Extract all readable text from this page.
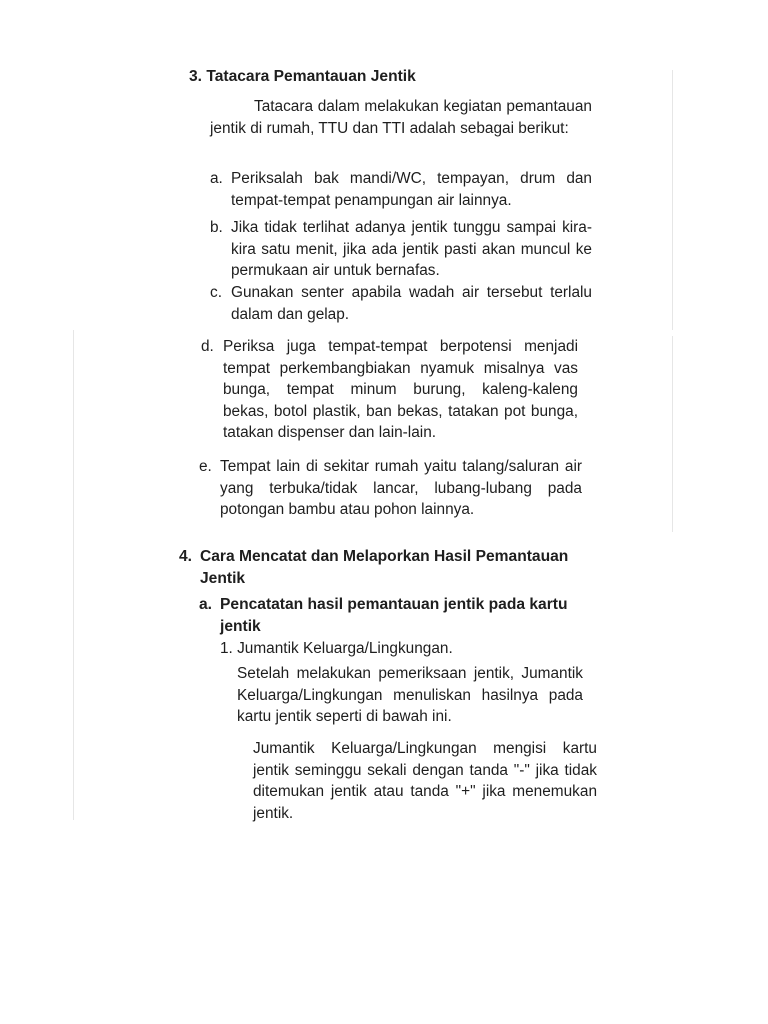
3. Tatacara Pemantauan Jentik
Tatacara dalam melakukan kegiatan pemantauan jentik di rumah, TTU dan TTI adalah sebagai berikut:
a. Periksalah bak mandi/WC, tempayan, drum dan tempat-tempat penampungan air lainnya.
b. Jika tidak terlihat adanya jentik tunggu sampai kira-kira satu menit, jika ada jentik pasti akan muncul ke permukaan air untuk bernafas.
c. Gunakan senter apabila wadah air tersebut terlalu dalam dan gelap.
d. Periksa juga tempat-tempat berpotensi menjadi tempat perkembangbiakan nyamuk misalnya vas bunga, tempat minum burung, kaleng-kaleng bekas, botol plastik, ban bekas, tatakan pot bunga, tatakan dispenser dan lain-lain.
e. Tempat lain di sekitar rumah yaitu talang/saluran air yang terbuka/tidak lancar, lubang-lubang pada potongan bambu atau pohon lainnya.
4. Cara Mencatat dan Melaporkan Hasil Pemantauan Jentik
a. Pencatatan hasil pemantauan jentik pada kartu jentik
1. Jumantik Keluarga/Lingkungan.
Setelah melakukan pemeriksaan jentik, Jumantik Keluarga/Lingkungan menuliskan hasilnya pada kartu jentik seperti di bawah ini.
Jumantik Keluarga/Lingkungan mengisi kartu jentik seminggu sekali dengan tanda "-" jika tidak ditemukan jentik atau tanda "+" jika menemukan jentik.
